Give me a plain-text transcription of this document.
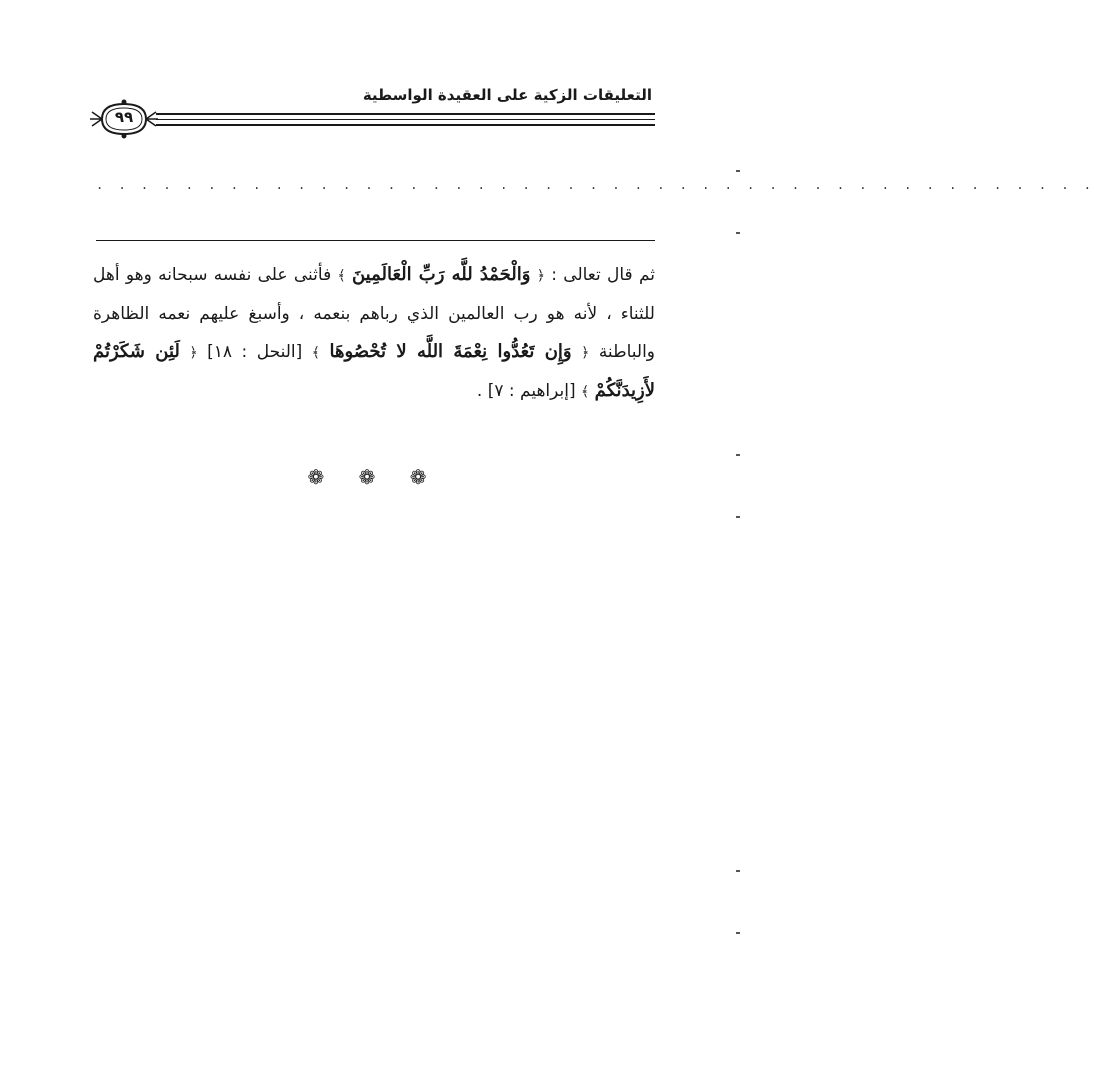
التعليقات الزكية على العقيدة الواسطية
٩٩
. . . . . . . . . . . . . . . . . . . . . . . . . . . . . . . . . . . . . . . . . . . . .
ثم قال تعالى : ﴿ وَالْحَمْدُ للَّه رَبِّ الْعَالَمِينَ ﴾ فأثنى على نفسه سبحانه وهو أهل للثناء ، لأنه هو رب العالمين الذي رباهم بنعمه ، وأسبغ عليهم نعمه الظاهرة والباطنة ﴿ وَإِن تَعُدُّوا نِعْمَةَ اللَّه لا تُحْصُوهَا ﴾ [النحل : ١٨] ﴿ لَئِن شَكَرْتُمْ لأَزِيدَنَّكُمْ ﴾ [إبراهيم : ٧] .
❁ ❁ ❁
